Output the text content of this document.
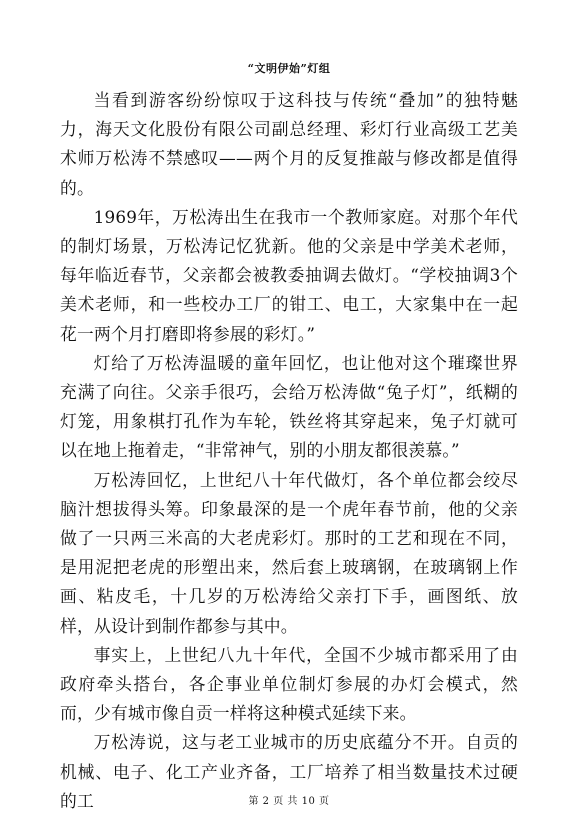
“文明伊始”灯组

当看到游客纷纷惊叹于这科技与传统“叠加”的独特魅力，海天文化股份有限公司副总经理、彩灯行业高级工艺美术师万松涛不禁感叹——两个月的反复推敲与修改都是值得的。

1969年，万松涛出生在我市一个教师家庭。对那个年代的制灯场景，万松涛记忆犹新。他的父亲是中学美术老师，每年临近春节，父亲都会被教委抽调去做灯。“学校抽调3个美术老师，和一些校办工厂的钳工、电工，大家集中在一起花一两个月打磨即将参展的彩灯。”

灯给了万松涛温暖的童年回忆，也让他对这个璀璨世界充满了向往。父亲手很巧，会给万松涛做“兔子灯”，纸糊的灯笼，用象棋打孔作为车轮，铁丝将其穿起来，兔子灯就可以在地上拖着走，“非常神气，别的小朋友都很羡慕。”

万松涛回忆，上世纪八十年代做灯，各个单位都会绞尽脑汁想拔得头筹。印象最深的是一个虎年春节前，他的父亲做了一只两三米高的大老虎彩灯。那时的工艺和现在不同，是用泥把老虎的形塑出来，然后套上玻璃钢，在玻璃钢上作画、粘皮毛，十几岁的万松涛给父亲打下手，画图纸、放样，从设计到制作都参与其中。

事实上，上世纪八九十年代，全国不少城市都采用了由政府牵头搭台，各企事业单位制灯参展的办灯会模式，然而，少有城市像自贡一样将这种模式延续下来。

万松涛说，这与老工业城市的历史底蕴分不开。自贡的机械、电子、化工产业齐备，工厂培养了相当数量技术过硬的工	第 2 页 共 10 页
